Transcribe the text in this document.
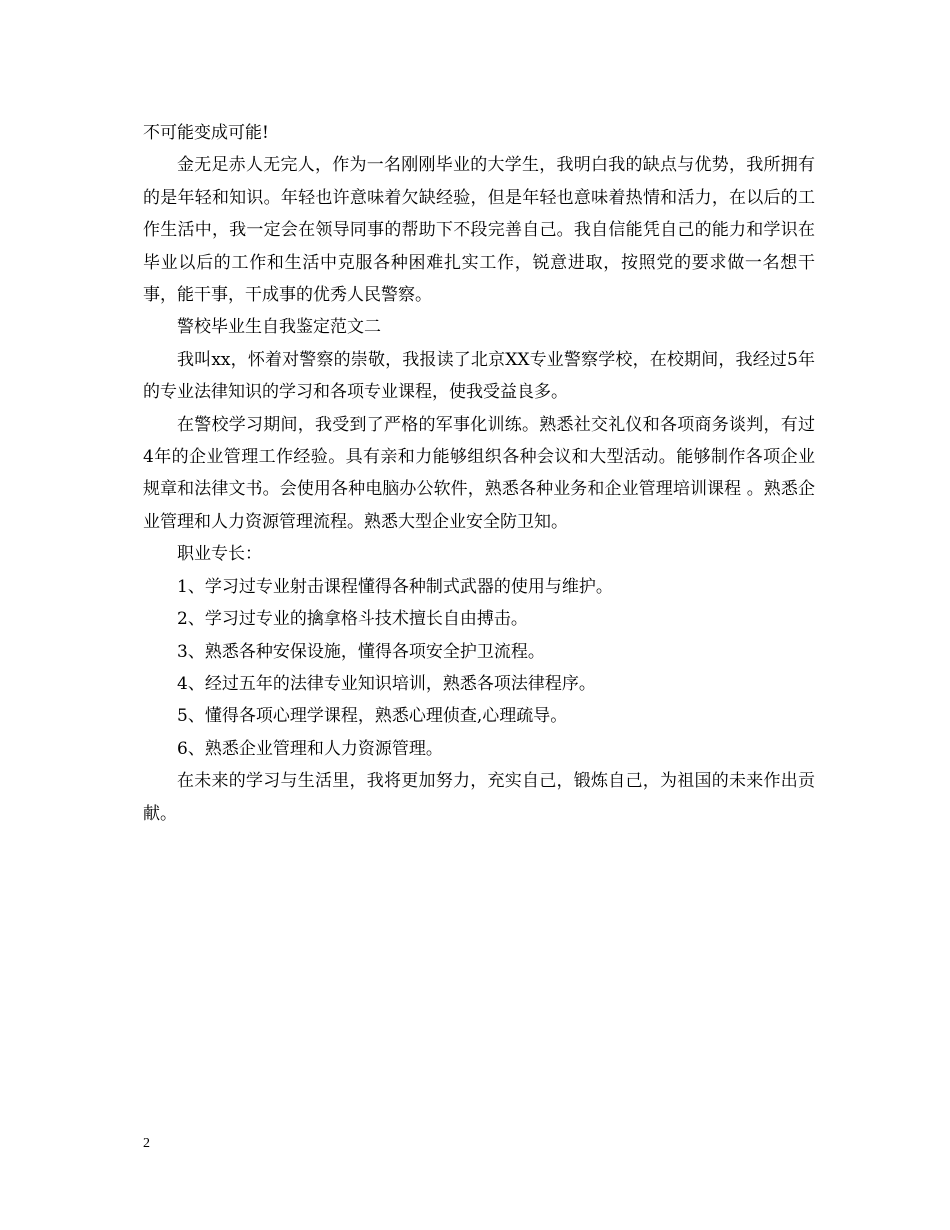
不可能变成可能!

金无足赤人无完人，作为一名刚刚毕业的大学生，我明白我的缺点与优势，我所拥有的是年轻和知识。年轻也许意味着欠缺经验，但是年轻也意味着热情和活力，在以后的工作生活中，我一定会在领导同事的帮助下不段完善自己。我自信能凭自己的能力和学识在毕业以后的工作和生活中克服各种困难扎实工作，锐意进取，按照党的要求做一名想干事，能干事，干成事的优秀人民警察。

警校毕业生自我鉴定范文二

我叫xx，怀着对警察的崇敬，我报读了北京XX专业警察学校，在校期间，我经过5年的专业法律知识的学习和各项专业课程，使我受益良多。

在警校学习期间，我受到了严格的军事化训练。熟悉社交礼仪和各项商务谈判，有过4年的企业管理工作经验。具有亲和力能够组织各种会议和大型活动。能够制作各项企业规章和法律文书。会使用各种电脑办公软件，熟悉各种业务和企业管理培训课程 。熟悉企业管理和人力资源管理流程。熟悉大型企业安全防卫知。

职业专长：

1、学习过专业射击课程懂得各种制式武器的使用与维护。

2、学习过专业的擒拿格斗技术擅长自由搏击。

3、熟悉各种安保设施，懂得各项安全护卫流程。

4、经过五年的法律专业知识培训，熟悉各项法律程序。

5、懂得各项心理学课程，熟悉心理侦查,心理疏导。

6、熟悉企业管理和人力资源管理。

在未来的学习与生活里，我将更加努力，充实自己，锻炼自己，为祖国的未来作出贡献。

2
